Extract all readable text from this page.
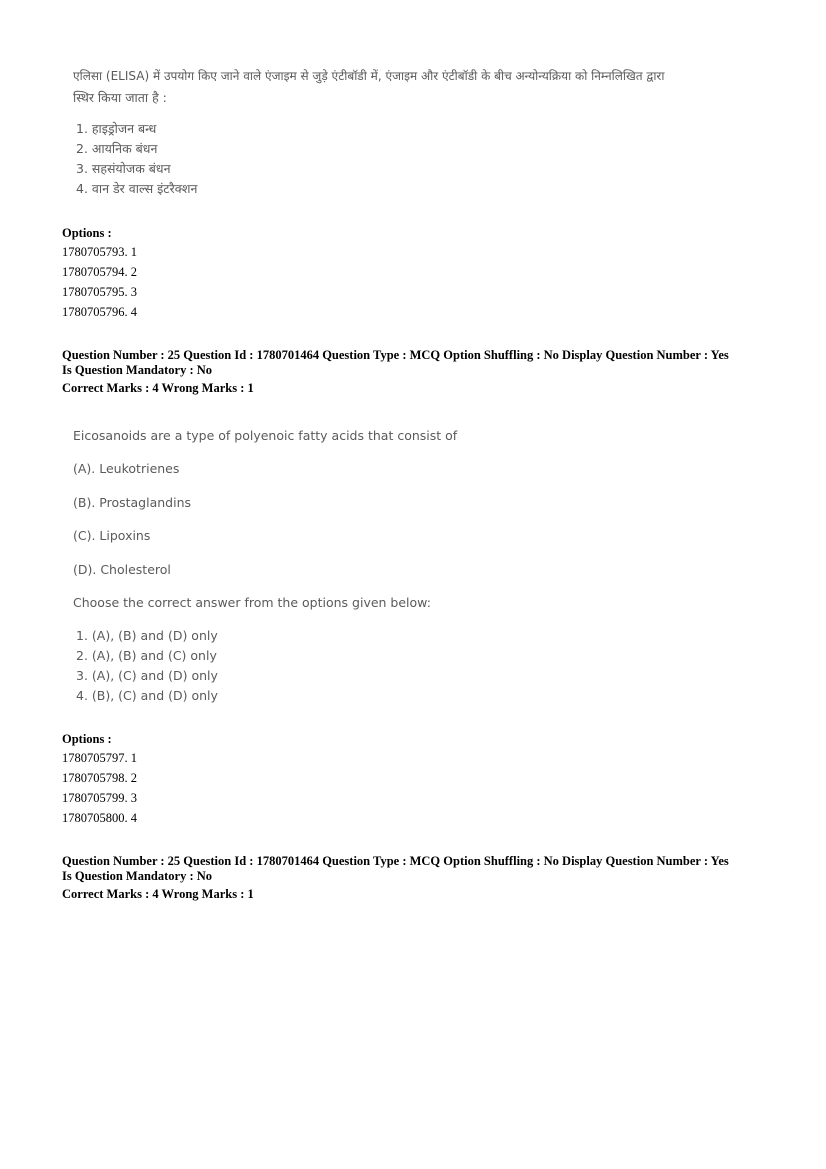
एलिसा (ELISA) में उपयोग किए जाने वाले एंजाइम से जुड़े एंटीबॉडी में, एंजाइम और एंटीबॉडी के बीच अन्योन्यक्रिया को निम्नलिखित द्वारा
स्थिर किया जाता है :
1. हाइड्रोजन बन्ध
2. आयनिक बंधन
3. सहसंयोजक बंधन
4. वान डेर वाल्स इंटरैक्शन
Options :
1780705793. 1
1780705794. 2
1780705795. 3
1780705796. 4
Question Number : 25 Question Id : 1780701464 Question Type : MCQ Option Shuffling : No Display Question Number : Yes
Is Question Mandatory : No
Correct Marks : 4 Wrong Marks : 1
Eicosanoids are a type of polyenoic fatty acids that consist of
(A). Leukotrienes
(B). Prostaglandins
(C). Lipoxins
(D). Cholesterol
Choose the correct answer from the options given below:
1. (A), (B) and (D) only
2. (A), (B) and (C) only
3. (A), (C) and (D) only
4. (B), (C) and (D) only
Options :
1780705797. 1
1780705798. 2
1780705799. 3
1780705800. 4
Question Number : 25 Question Id : 1780701464 Question Type : MCQ Option Shuffling : No Display Question Number : Yes
Is Question Mandatory : No
Correct Marks : 4 Wrong Marks : 1
